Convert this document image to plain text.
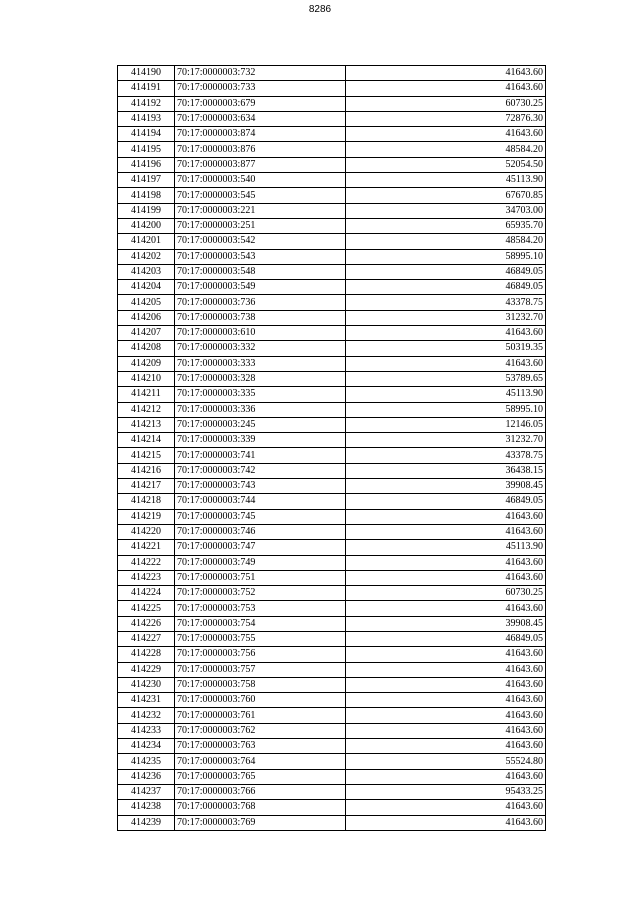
8286
414190	70:17:0000003:732	41643.60
414191	70:17:0000003:733	41643.60
414192	70:17:0000003:679	60730.25
414193	70:17:0000003:634	72876.30
414194	70:17:0000003:874	41643.60
414195	70:17:0000003:876	48584.20
414196	70:17:0000003:877	52054.50
414197	70:17:0000003:540	45113.90
414198	70:17:0000003:545	67670.85
414199	70:17:0000003:221	34703.00
414200	70:17:0000003:251	65935.70
414201	70:17:0000003:542	48584.20
414202	70:17:0000003:543	58995.10
414203	70:17:0000003:548	46849.05
414204	70:17:0000003:549	46849.05
414205	70:17:0000003:736	43378.75
414206	70:17:0000003:738	31232.70
414207	70:17:0000003:610	41643.60
414208	70:17:0000003:332	50319.35
414209	70:17:0000003:333	41643.60
414210	70:17:0000003:328	53789.65
414211	70:17:0000003:335	45113.90
414212	70:17:0000003:336	58995.10
414213	70:17:0000003:245	12146.05
414214	70:17:0000003:339	31232.70
414215	70:17:0000003:741	43378.75
414216	70:17:0000003:742	36438.15
414217	70:17:0000003:743	39908.45
414218	70:17:0000003:744	46849.05
414219	70:17:0000003:745	41643.60
414220	70:17:0000003:746	41643.60
414221	70:17:0000003:747	45113.90
414222	70:17:0000003:749	41643.60
414223	70:17:0000003:751	41643.60
414224	70:17:0000003:752	60730.25
414225	70:17:0000003:753	41643.60
414226	70:17:0000003:754	39908.45
414227	70:17:0000003:755	46849.05
414228	70:17:0000003:756	41643.60
414229	70:17:0000003:757	41643.60
414230	70:17:0000003:758	41643.60
414231	70:17:0000003:760	41643.60
414232	70:17:0000003:761	41643.60
414233	70:17:0000003:762	41643.60
414234	70:17:0000003:763	41643.60
414235	70:17:0000003:764	55524.80
414236	70:17:0000003:765	41643.60
414237	70:17:0000003:766	95433.25
414238	70:17:0000003:768	41643.60
414239	70:17:0000003:769	41643.60
